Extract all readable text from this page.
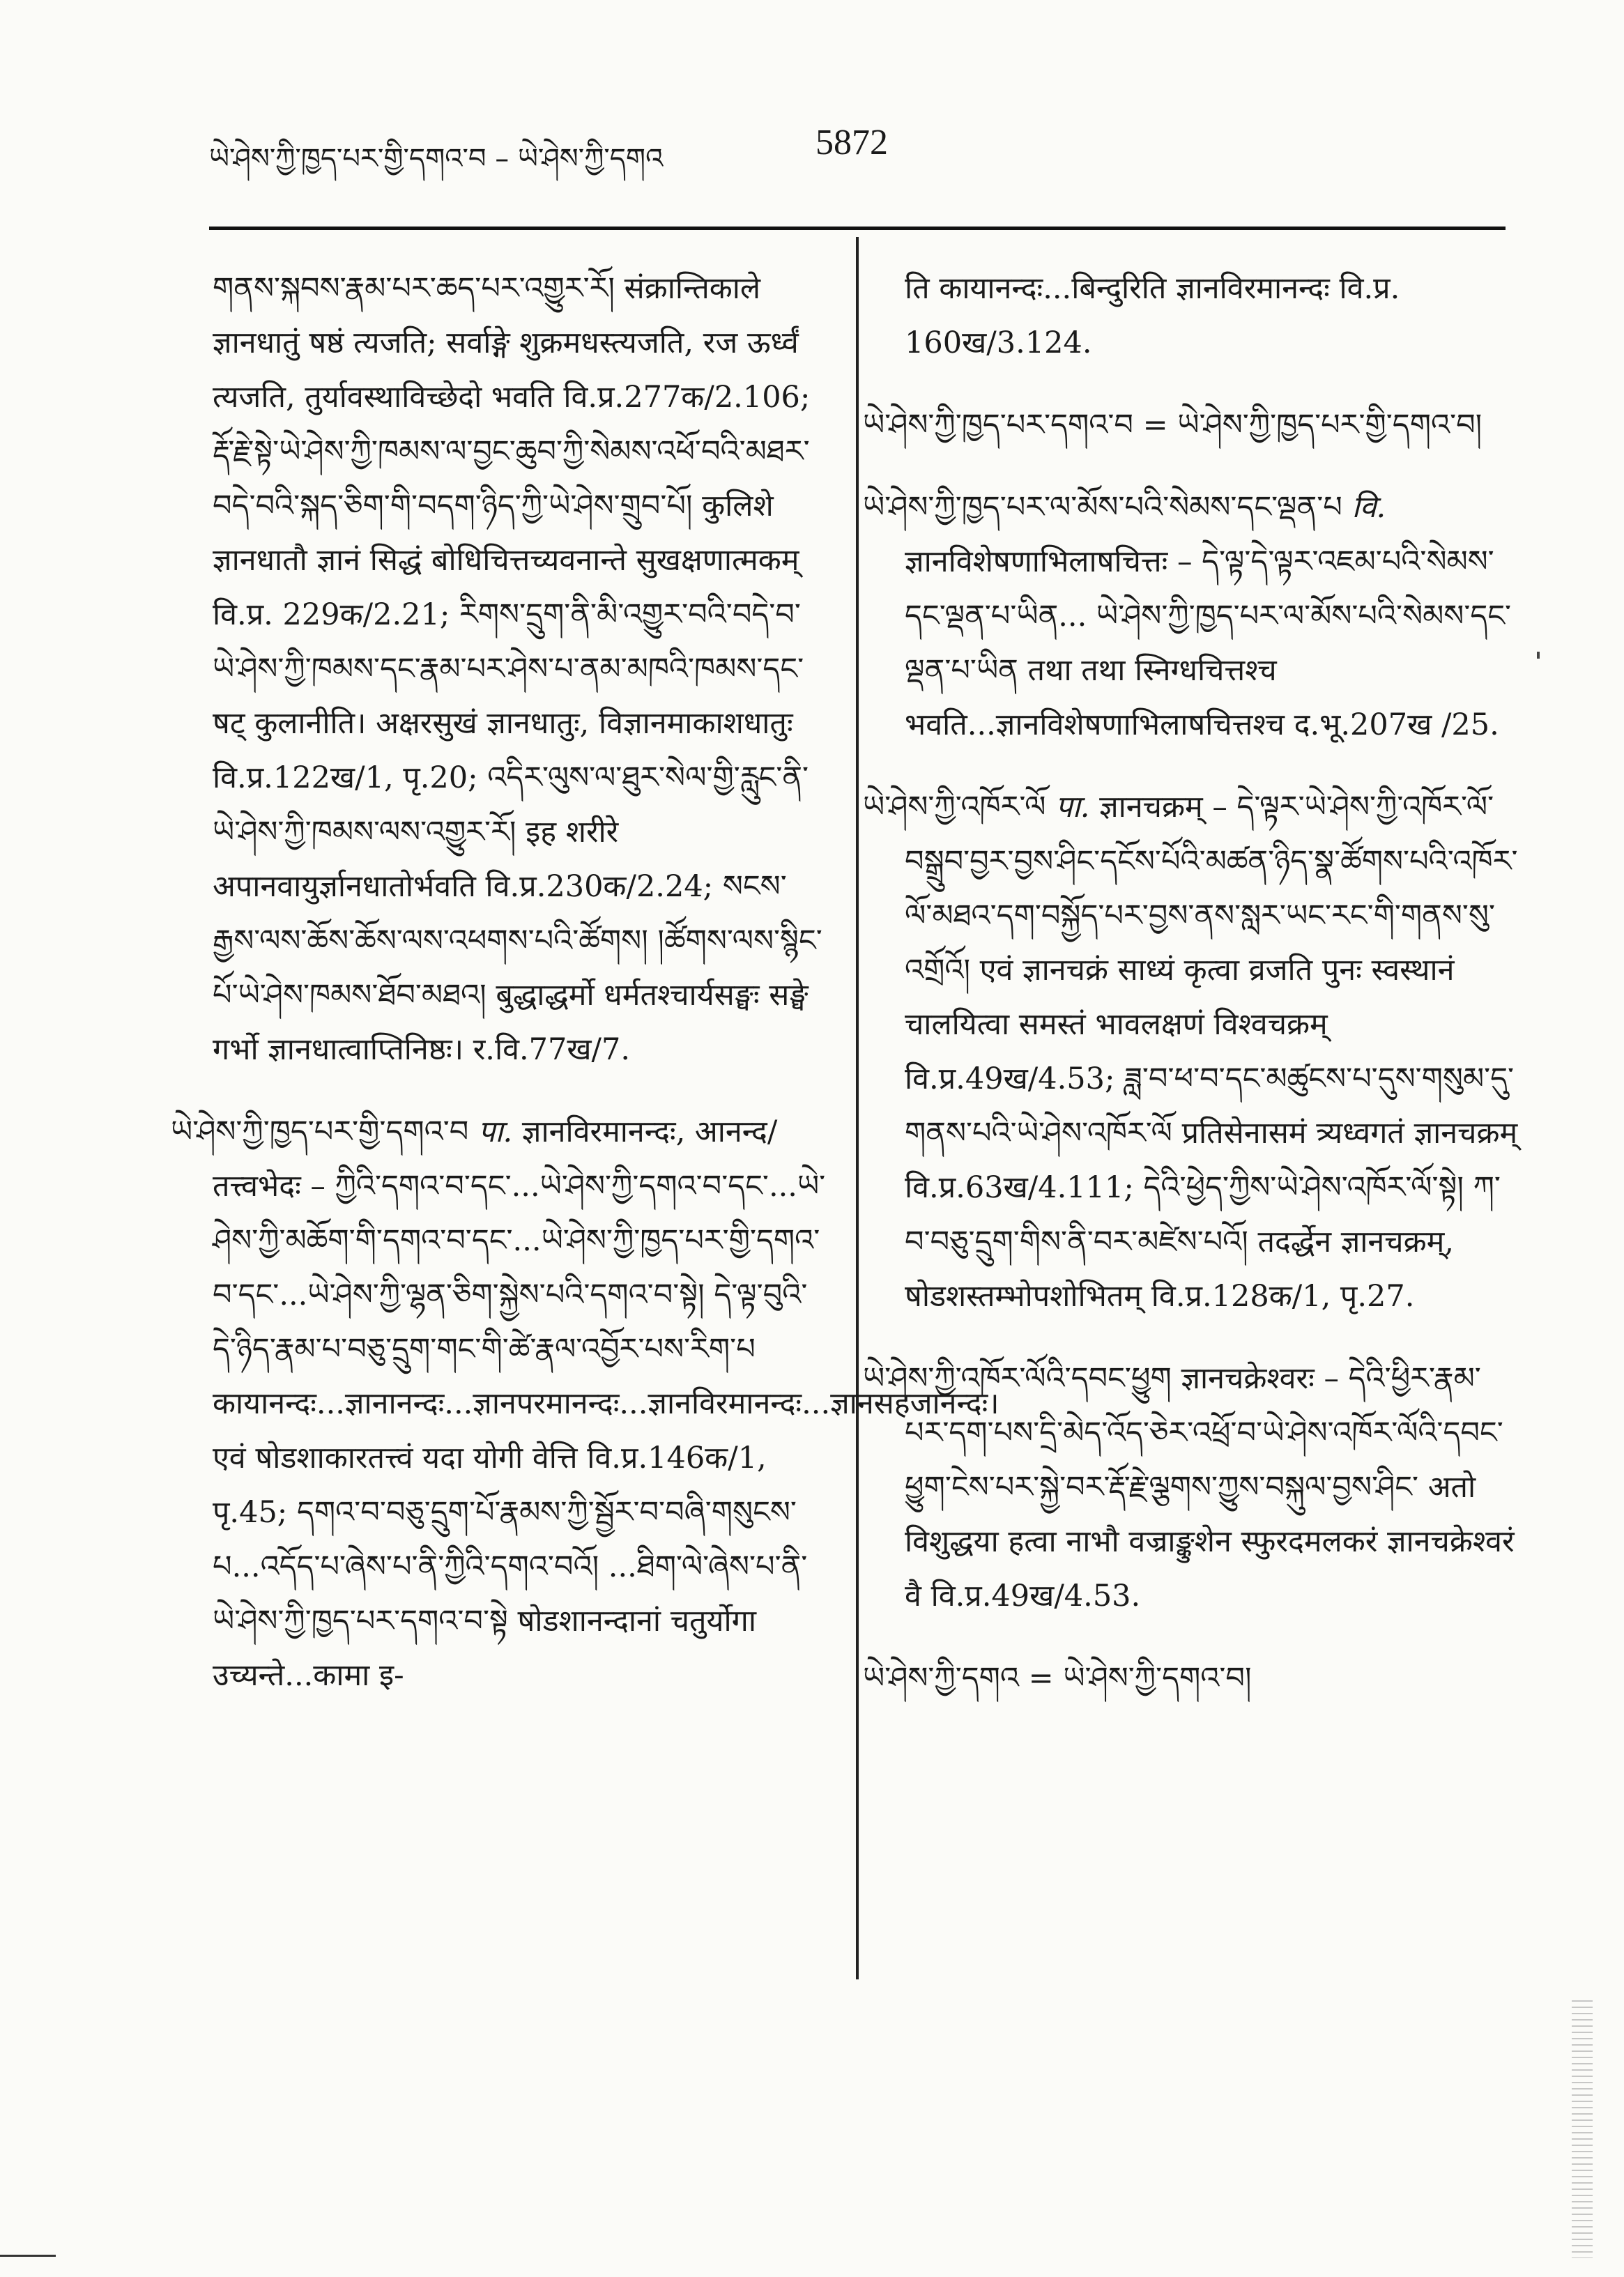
ཡེ་ཤེས་ཀྱི་ཁྱད་པར་གྱི་དགའ་བ – ཡེ་ཤེས་ཀྱི་དགའ	5872

གནས་སྐབས་རྣམ་པར་ཆད་པར་འགྱུར་རོ། संक्रान्तिकाले ज्ञानधातुं षष्ठं त्यजति; सर्वाङ्गे शुक्रमधस्त्यजति, रज ऊर्ध्वं त्यजति, तुर्यावस्थाविच्छेदो भवति वि.प्र.277क/2.106; རྡོ་རྗེ་སྟེ་ཡེ་ཤེས་ཀྱི་ཁམས་ལ་བྱང་ཆུབ་ཀྱི་སེམས་འཕོ་བའི་མཐར་བདེ་བའི་སྐད་ཅིག་གི་བདག་ཉིད་ཀྱི་ཡེ་ཤེས་གྲུབ་པོ། कुलिशे ज्ञानधातौ ज्ञानं सिद्धं बोधिचित्तच्यवनान्ते सुखक्षणात्मकम् वि.प्र. 229क/2.21; རིགས་དྲུག་ནི་མི་འགྱུར་བའི་བདེ་བ་ཡེ་ཤེས་ཀྱི་ཁམས་དང་རྣམ་པར་ཤེས་པ་ནམ་མཁའི་ཁམས་དང་ षट् कुलानीति। अक्षरसुखं ज्ञानधातुः, विज्ञानमाकाशधातुः वि.प्र.122ख/1, पृ.20; འདིར་ལུས་ལ་ཐུར་སེལ་གྱི་རླུང་ནི་ཡེ་ཤེས་ཀྱི་ཁམས་ལས་འགྱུར་རོ། इह शरीरे अपानवायुर्ज्ञानधातोर्भवति वि.प्र.230क/2.24; སངས་རྒྱས་ལས་ཆོས་ཆོས་ལས་འཕགས་པའི་ཚོགས། །ཚོགས་ལས་སྙིང་པོ་ཡེ་ཤེས་ཁམས་ཐོབ་མཐའ། बुद्धाद्धर्मो धर्मतश्चार्यसङ्घः सङ्घे गर्भो ज्ञानधात्वाप्तिनिष्ठः। र.वि.77ख/7.

ཡེ་ཤེས་ཀྱི་ཁྱད་པར་གྱི་དགའ་བ पा. ज्ञानविरमानन्दः, आनन्द/तत्त्वभेदः – ཀྱིའི་དགའ་བ་དང་...ཡེ་ཤེས་ཀྱི་དགའ་བ་དང་...ཡེ་ཤེས་ཀྱི་མཆོག་གི་དགའ་བ་དང་...ཡེ་ཤེས་ཀྱི་ཁྱད་པར་གྱི་དགའ་བ་དང་...ཡེ་ཤེས་ཀྱི་ལྷན་ཅིག་སྐྱེས་པའི་དགའ་བ་སྟེ། དེ་ལྟ་བུའི་དེ་ཉིད་རྣམ་པ་བཅུ་དྲུག་གང་གི་ཚེ་རྣལ་འབྱོར་པས་རིག་པ कायानन्दः...ज्ञानानन्दः...ज्ञानपरमानन्दः...ज्ञानविरमानन्दः...ज्ञानसहजानन्दः। एवं षोडशाकारतत्त्वं यदा योगी वेत्ति वि.प्र.146क/1, पृ.45; དགའ་བ་བཅུ་དྲུག་པོ་རྣམས་ཀྱི་སྦྱོར་བ་བཞི་གསུངས་པ...འདོད་པ་ཞེས་པ་ནི་ཀྱིའི་དགའ་བའོ། ...ཐིག་ལེ་ཞེས་པ་ནི་ཡེ་ཤེས་ཀྱི་ཁྱད་པར་དགའ་བ་སྟེ षोडशानन्दानां चतुर्योगा उच्यन्ते...कामा इ-

ति कायानन्दः...बिन्दुरिति ज्ञानविरमानन्दः वि.प्र. 160ख/3.124.

ཡེ་ཤེས་ཀྱི་ཁྱད་པར་དགའ་བ = ཡེ་ཤེས་ཀྱི་ཁྱད་པར་གྱི་དགའ་བ།

ཡེ་ཤེས་ཀྱི་ཁྱད་པར་ལ་མོས་པའི་སེམས་དང་ལྡན་པ वि. ज्ञानविशेषणाभिलाषचित्तः – དེ་ལྟ་དེ་ལྟར་འཇམ་པའི་སེམས་དང་ལྡན་པ་ཡིན... ཡེ་ཤེས་ཀྱི་ཁྱད་པར་ལ་མོས་པའི་སེམས་དང་ལྡན་པ་ཡིན तथा तथा स्निग्धचित्तश्च भवति...ज्ञानविशेषणाभिलाषचित्तश्च द.भू.207ख /25.

ཡེ་ཤེས་ཀྱི་འཁོར་ལོ पा. ज्ञानचक्रम् – དེ་ལྟར་ཡེ་ཤེས་ཀྱི་འཁོར་ལོ་བསྒྲུབ་བྱར་བྱས་ཤིང་དངོས་པོའི་མཚན་ཉིད་སྣ་ཚོགས་པའི་འཁོར་ལོ་མཐའ་དག་བསྐྱོད་པར་བྱས་ནས་སླར་ཡང་རང་གི་གནས་སུ་འགྲོའོ། एवं ज्ञानचक्रं साध्यं कृत्वा व्रजति पुनः स्वस्थानं चालयित्वा समस्तं भावलक्षणं विश्वचक्रम् वि.प्र.49ख/4.53; ཟླ་བ་ཕ་བ་དང་མཚུངས་པ་དུས་གསུམ་དུ་གནས་པའི་ཡེ་ཤེས་འཁོར་ལོ प्रतिसेनासमं त्र्यध्वगतं ज्ञानचक्रम् वि.प्र.63ख/4.111; དེའི་ཕྱེད་ཀྱིས་ཡེ་ཤེས་འཁོར་ལོ་སྟེ། ཀ་བ་བཅུ་དྲུག་གིས་ནི་བར་མཛེས་པའོ། तदर्द्धेन ज्ञानचक्रम्, षोडशस्तम्भोपशोभितम् वि.प्र.128क/1, पृ.27.

ཡེ་ཤེས་ཀྱི་འཁོར་ལོའི་དབང་ཕྱུག ज्ञानचक्रेश्वरः – དེའི་ཕྱིར་རྣམ་པར་དག་པས་དྲི་མེད་འོད་ཅེར་འཕྲོ་བ་ཡེ་ཤེས་འཁོར་ལོའི་དབང་ཕྱུག་ངེས་པར་སྐྱེ་བར་རྡོ་རྗེ་ལྕགས་ཀྱུས་བསྐུལ་བྱས་ཤིང་ अतो विशुद्धया हत्वा नाभौ वज्राङ्कुशेन स्फुरदमलकरं ज्ञानचक्रेश्वरं वै वि.प्र.49ख/4.53.

ཡེ་ཤེས་ཀྱི་དགའ = ཡེ་ཤེས་ཀྱི་དགའ་བ།
